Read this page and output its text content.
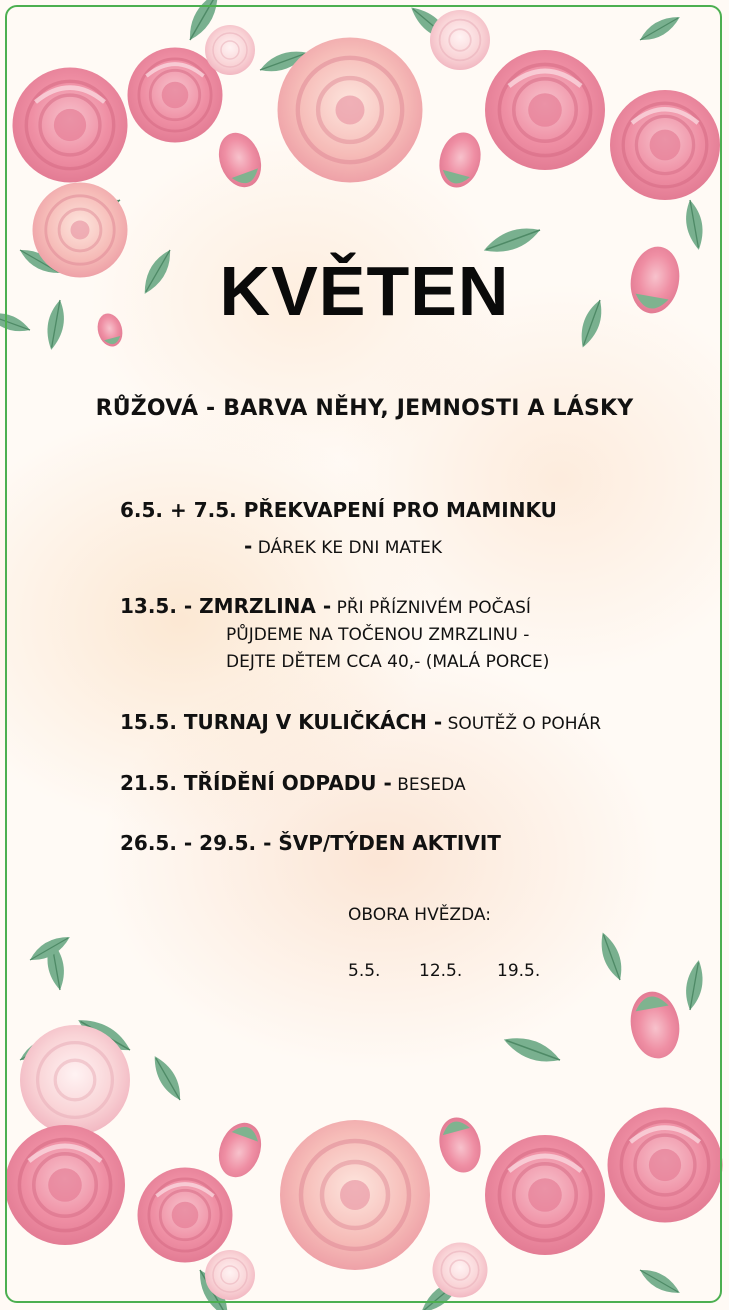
KVĚTEN
RŮŽOVÁ - BARVA NĚHY, JEMNOSTI A LÁSKY
6.5. + 7.5. PŘEKVAPENÍ PRO MAMINKU
- DÁREK KE DNI MATEK
13.5. - ZMRZLINA - PŘI PŘÍZNIVÉM POČASÍ
PŮJDEME NA TOČENOU ZMRZLINU -
DEJTE DĚTEM CCA 40,- (MALÁ PORCE)
15.5. TURNAJ V KULIČKÁCH - SOUTĚŽ O POHÁR
21.5. TŘÍDĚNÍ ODPADU - BESEDA
26.5. - 29.5. - ŠVP/TÝDEN AKTIVIT
OBORA HVĚZDA:
5.5. 12.5. 19.5.
